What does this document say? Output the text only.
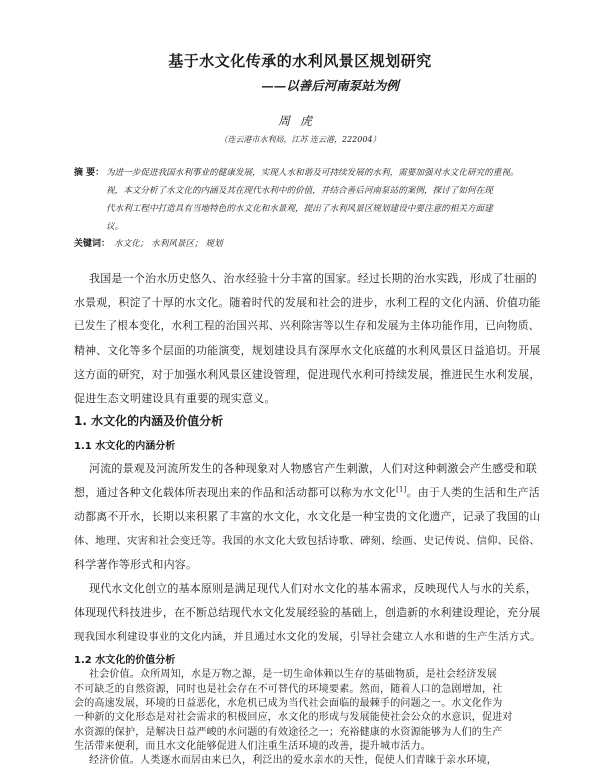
基于水文化传承的水利风景区规划研究
——以善后河南泵站为例
周虎
（连云港市水利局，江苏 连云港，222004）
摘 要： 为进一步促进我国水利事业的健康发展，实现人水和谐及可持续发展的水利，需要加强对水文化研究的重视。
视，本文分析了水文化的内涵及其在现代水利中的价值，并结合善后河南泵站的案例，探讨了如何在现
代水利工程中打造具有当地特色的水文化和水景观，提出了水利风景区规划建设中要注意的相关方面建
议。
关键词： 水文化； 水利风景区； 规划
我国是一个治水历史悠久、治水经验十分丰富的国家。经过长期的治水实践，形成了壮丽的
水景观，积淀了十厚的水文化。随着时代的发展和社会的进步，水利工程的文化内涵、价值功能
已发生了根本变化，水利工程的治国兴邦、兴利除害等以生存和发展为主体功能作用，已向物质、
精神、文化等多个层面的功能演变，规划建设具有深厚水文化底蕴的水利风景区日益追切。开展
这方面的研究，对于加强水利风景区建设管理，促进现代水利可持续发展，推进民生水利发展，
促进生态文明建设具有重要的现实意义。
1. 水文化的内涵及价值分析
1.1 水文化的内涵分析
河流的景观及河流所发生的各种现象对人物感官产生刺激，人们对这种刺激会产生感受和联
想，通过各种文化载体所表现出来的作品和活动都可以称为水文化[1]。由于人类的生活和生产活
动都离不开水，长期以来积累了丰富的水文化，水文化是一种宝贵的文化遗产，记录了我国的山
体、地理、灾害和社会变迁等。我国的水文化大致包括诗歌、碑刻、绘画、史记传说、信仰、民俗、
科学著作等形式和内容。
现代水文化创立的基本原则是满足现代人们对水文化的基本需求，反映现代人与水的关系，
体现现代科技进步，在不断总结现代水文化发展经验的基础上，创造新的水利建设理论，充分展
现我国水利建设事业的文化内涵，并且通过水文化的发展，引导社会建立人水和谐的生产生活方式。
1.2 水文化的价值分析
社会价值。众所周知，水是万物之源，是一切生命体赖以生存的基础物质，是社会经济发展
不可缺乏的自然资源，同时也是社会存在不可替代的环境要素。然而，随着人口的急剧增加，社
会的高速发展，环境的日益恶化，水危机已成为当代社会面临的最棘手的问题之一。水文化作为
一种新的文化形态是对社会需求的积极回应，水文化的形成与发展能使社会公众的水意识，促进对
水资源的保护，是解决日益严峻的水问题的有效途径之一；充裕健康的水资源能够为人们的生产
生活带来便利，而且水文化能够促进人们注重生活环境的改善，提升城市活力。
经济价值。人类逐水而居由来已久，利泛出的爱水亲水的天性，促使人们青睐于亲水环境，
